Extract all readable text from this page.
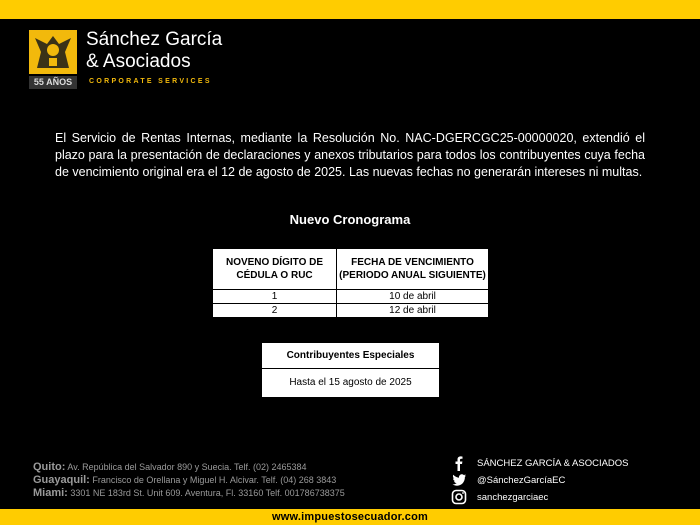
55 AÑOS
Sánchez García
& Asociados
CORPORATE SERVICES

El Servicio de Rentas Internas, mediante la Resolución No. NAC-DGERCGC25-00000020, extendió el plazo para la presentación de declaraciones y anexos tributarios para todos los contribuyentes cuya fecha de vencimiento original era el 12 de agosto de 2025. Las nuevas fechas no generarán intereses ni multas.

Nuevo Cronograma
NOVENO DÍGITO DE CÉDULA O RUC	FECHA DE VENCIMIENTO (PERIODO ANUAL SIGUIENTE)
1	10 de abril
2	12 de abril
Contribuyentes Especiales
Hasta el 15 agosto de 2025
Quito: Av. República del Salvador 890 y Suecia. Telf. (02) 2465384
Guayaquil: Francisco de Orellana y Miguel H. Alcivar. Telf. (04) 268 3843
Miami: 3301 NE 183rd St. Unit 609. Aventura, Fl. 33160 Telf. 001786738375
SÁNCHEZ GARCÍA & ASOCIADOS
@SánchezGarcíaEC
sanchezgarciaec
www.impuestosecuador.com
